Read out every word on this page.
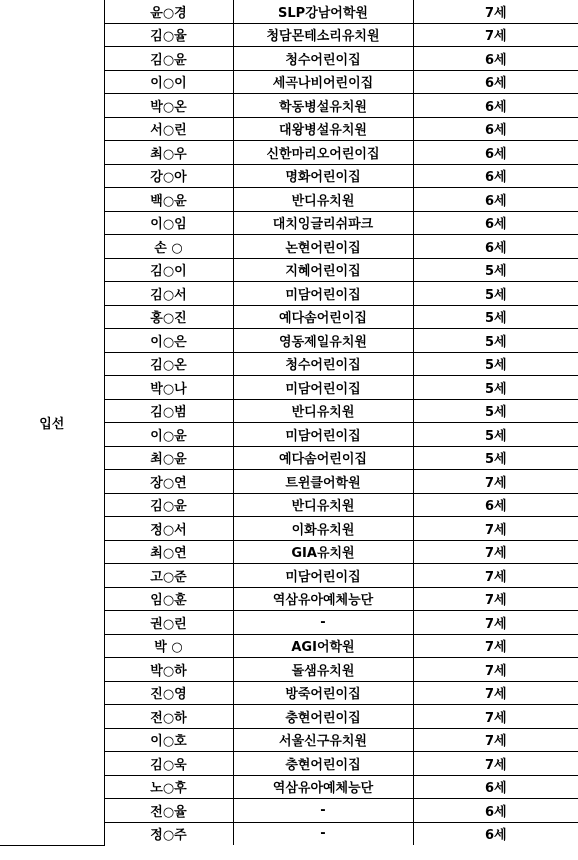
입선	윤○경	SLP강남어학원	7세
	김○율	청담몬테소리유치원	7세
	김○윤	청수어린이집	6세
	이○이	세곡나비어린이집	6세
	박○온	학동병설유치원	6세
	서○린	대왕병설유치원	6세
	최○우	신한마리오어린이집	6세
	강○아	명화어린이집	6세
	백○윤	반디유치원	6세
	이○임	대치잉글리쉬파크	6세
	손 ○	논현어린이집	6세
	김○이	지혜어린이집	5세
	김○서	미담어린이집	5세
	홍○진	예다솜어린이집	5세
	이○은	영동제일유치원	5세
	김○온	청수어린이집	5세
	박○나	미담어린이집	5세
	김○범	반디유치원	5세
	이○윤	미담어린이집	5세
	최○윤	예다솜어린이집	5세
	장○연	트윈클어학원	7세
	김○윤	반디유치원	6세
	정○서	이화유치원	7세
	최○연	GIA유치원	7세
	고○준	미담어린이집	7세
	임○훈	역삼유아예체능단	7세
	권○린	-	7세
	박 ○	AGI어학원	7세
	박○하	돌샘유치원	7세
	진○영	방죽어린이집	7세
	전○하	충현어린이집	7세
	이○호	서울신구유치원	7세
	김○욱	충현어린이집	7세
	노○후	역삼유아예체능단	6세
	전○율	-	6세
	정○주	-	6세
